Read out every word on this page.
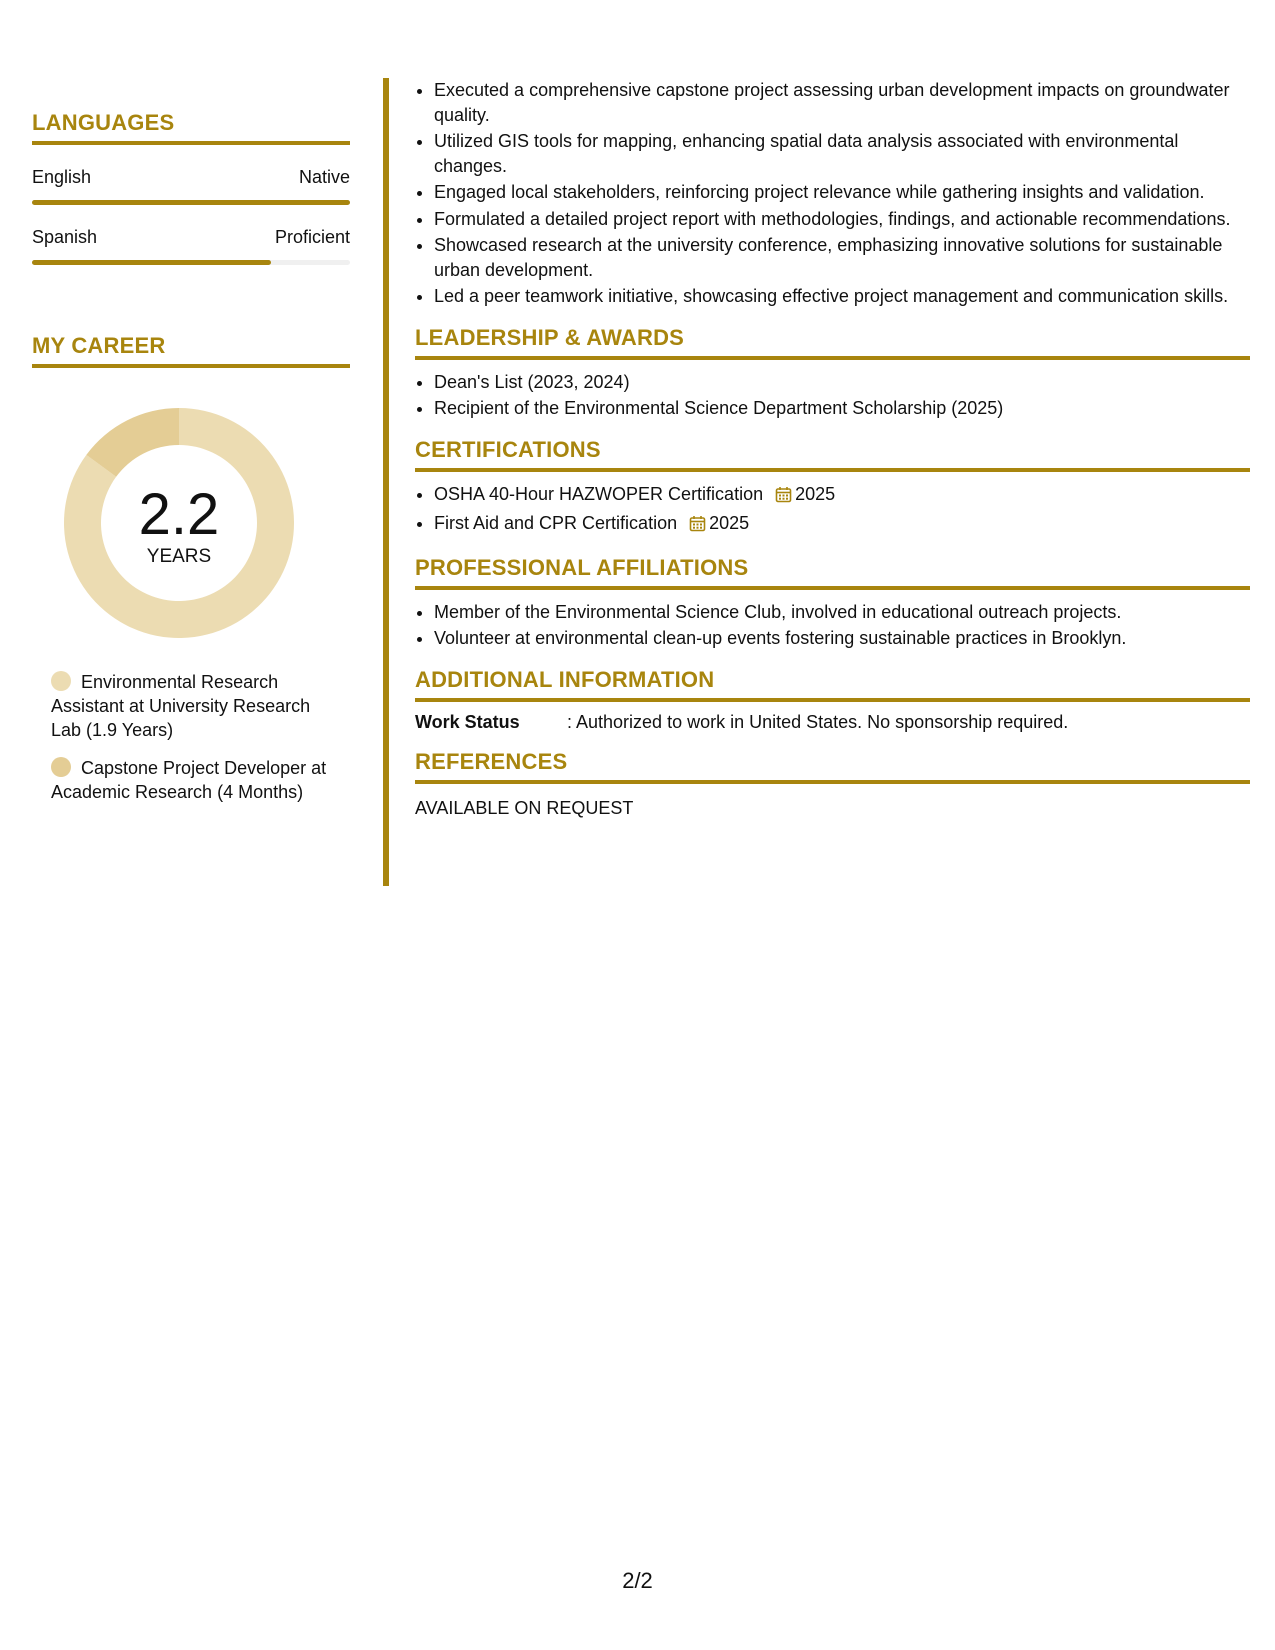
LANGUAGES
English	Native
Spanish	Proficient
MY CAREER
2.2
YEARS
Environmental Research Assistant at University Research Lab (1.9 Years)
Capstone Project Developer at Academic Research (4 Months)
• Executed a comprehensive capstone project assessing urban development impacts on groundwater quality.
• Utilized GIS tools for mapping, enhancing spatial data analysis associated with environmental changes.
• Engaged local stakeholders, reinforcing project relevance while gathering insights and validation.
• Formulated a detailed project report with methodologies, findings, and actionable recommendations.
• Showcased research at the university conference, emphasizing innovative solutions for sustainable urban development.
• Led a peer teamwork initiative, showcasing effective project management and communication skills.
LEADERSHIP & AWARDS
• Dean's List (2023, 2024)
• Recipient of the Environmental Science Department Scholarship (2025)
CERTIFICATIONS
• OSHA 40-Hour HAZWOPER Certification 2025
• First Aid and CPR Certification 2025
PROFESSIONAL AFFILIATIONS
• Member of the Environmental Science Club, involved in educational outreach projects.
• Volunteer at environmental clean-up events fostering sustainable practices in Brooklyn.
ADDITIONAL INFORMATION
Work Status	: Authorized to work in United States. No sponsorship required.
REFERENCES
AVAILABLE ON REQUEST
2/2
